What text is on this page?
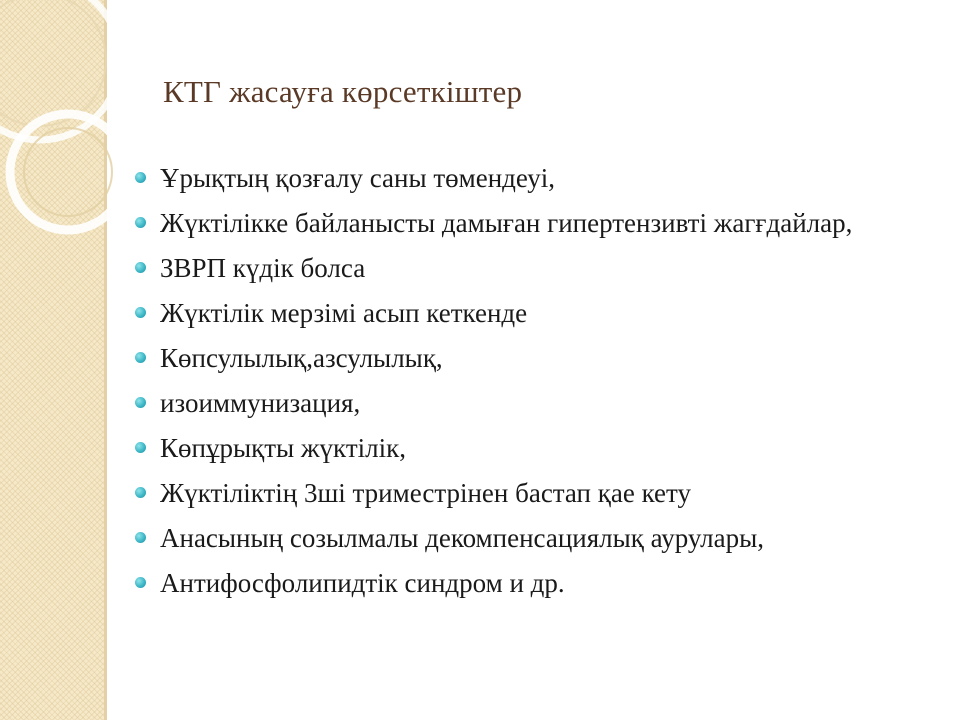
КТГ жасауға көрсеткіштер
Ұрықтың қозғалу саны төмендеуі,
Жүктілікке байланысты дамыған гипертензивті жагғдайлар,
ЗВРП күдік болса
Жүктілік мерзімі асып кеткенде
Көпсулылық,азсулылық,
изоиммунизация,
Көпұрықты жүктілік,
Жүктіліктің 3ші триместрінен бастап қае кету
Анасының созылмалы декомпенсациялық аурулары,
Антифосфолипидтік синдром и др.
